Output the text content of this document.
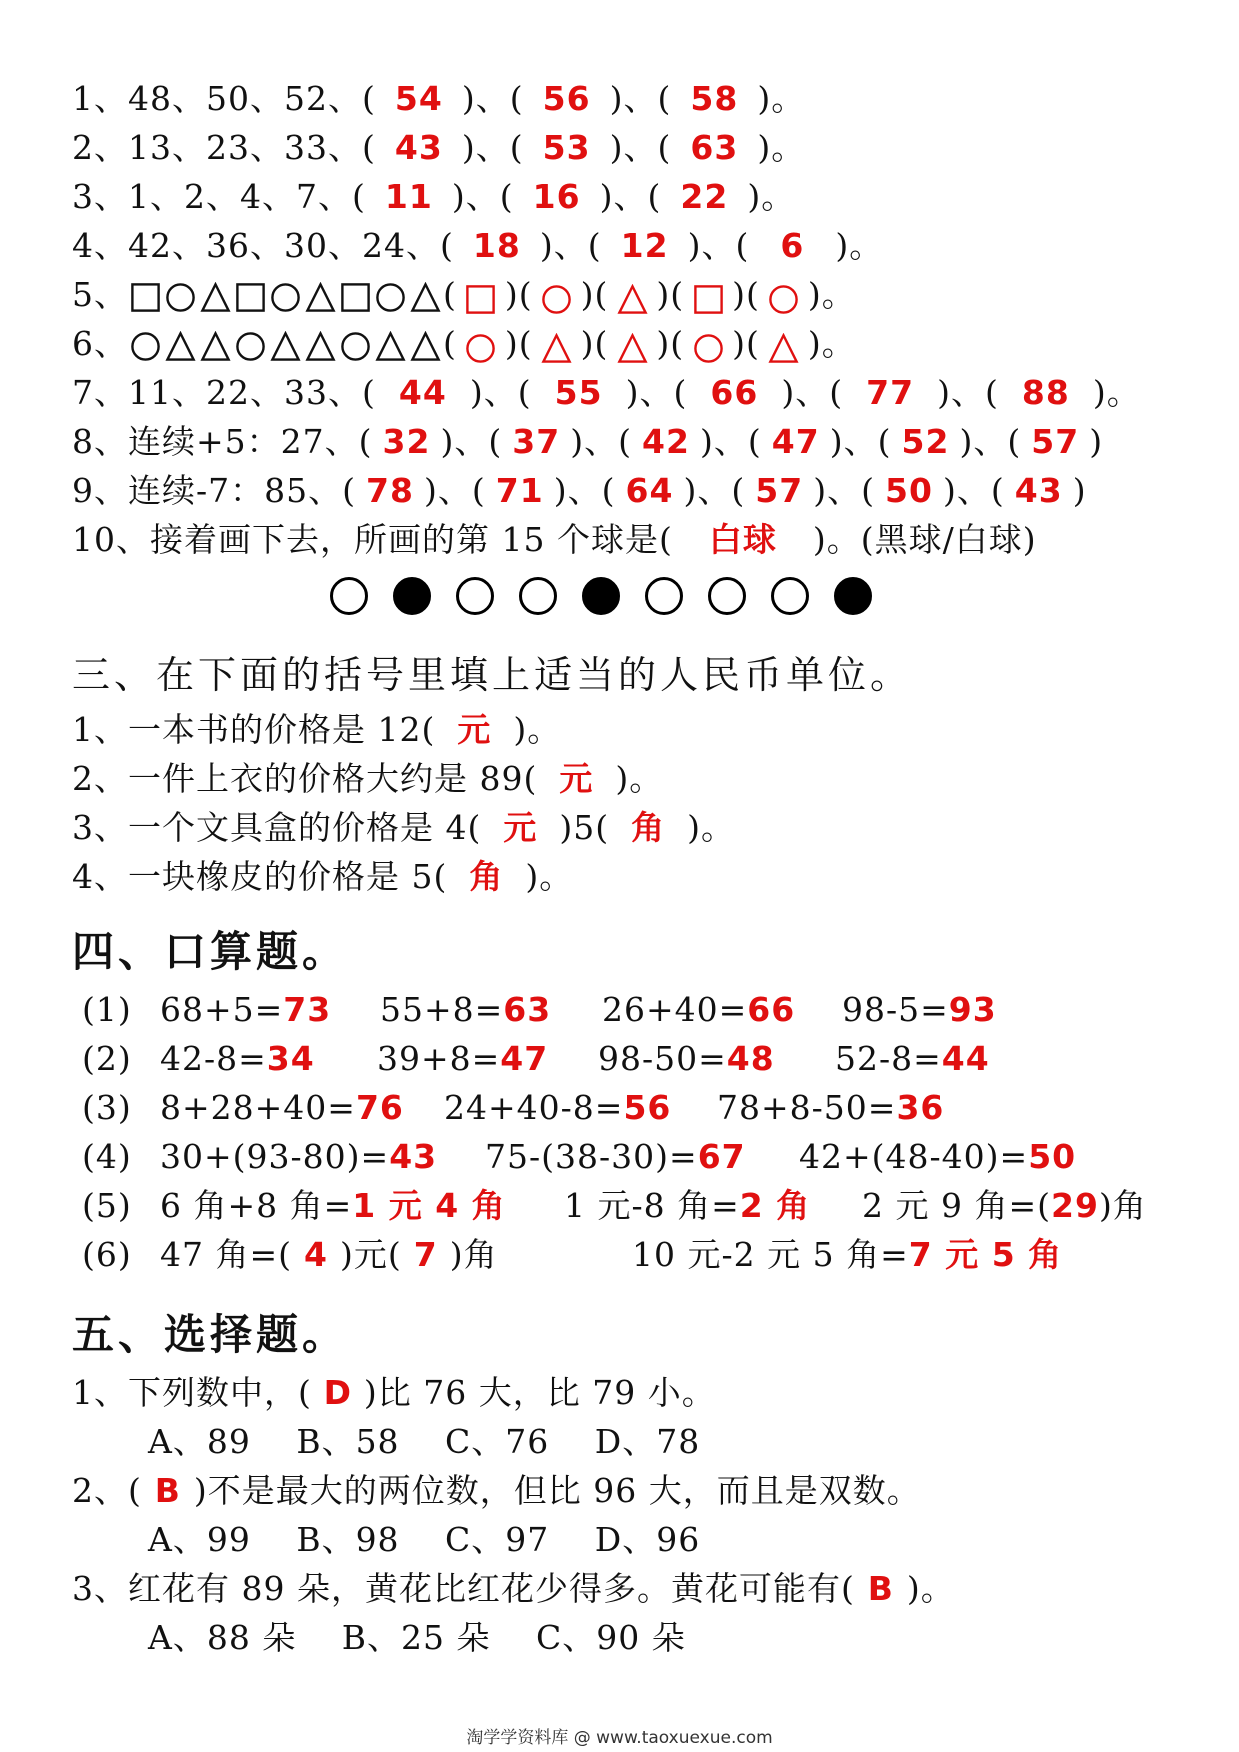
1、48、50、52、( 54 )、( 56 )、( 58 )。
2、13、23、33、( 43 )、( 53 )、( 63 )。
3、1、2、4、7、( 11 )、( 16 )、( 22 )。
4、42、36、30、24、( 18 )、( 12 )、( 6 )。
5、	( )( )( )( )( )。
6、	( )( )( )( )( )。
7、11、22、33、( 44 )、( 55 )、( 66 )、( 77 )、( 88 )。
8、连续+5：27、( 32 )、( 37 )、( 42 )、( 47 )、( 52 )、( 57 )
9、连续-7：85、( 78 )、( 71 )、( 64 )、( 57 )、( 50 )、( 43 )
10、接着画下去，所画的第 15 个球是( 白球 )。(黑球/白球)
三、在下面的括号里填上适当的人民币单位。
1、一本书的价格是 12( 元 )。
2、一件上衣的价格大约是 89( 元 )。
3、一个文具盒的价格是 4( 元 )5( 角 )。
4、一块橡皮的价格是 5( 角 )。
四、口算题。
(1) 68+5=73 55+8=63 26+40=66 98-5=93
(2) 42-8=34 39+8=47 98-50=48 52-8=44
(3) 8+28+40=76 24+40-8=56 78+8-50=36
(4) 30+(93-80)=43 75-(38-30)=67 42+(48-40)=50
(5) 6 角+8 角=1 元 4 角 1 元-8 角=2 角 2 元 9 角=(29)角
(6) 47 角=( 4 )元( 7 )角	10 元-2 元 5 角=7 元 5 角
五、选择题。
1、下列数中，( D )比 76 大，比 79 小。
A、89　 B、58　 C、76　 D、78
2、( B )不是最大的两位数，但比 96 大，而且是双数。
A、99　 B、98　 C、97　 D、96
3、红花有 89 朵，黄花比红花少得多。黄花可能有( B )。
A、88 朵　 B、25 朵　 C、90 朵
淘学学资料库 @ www.taoxuexue.com
